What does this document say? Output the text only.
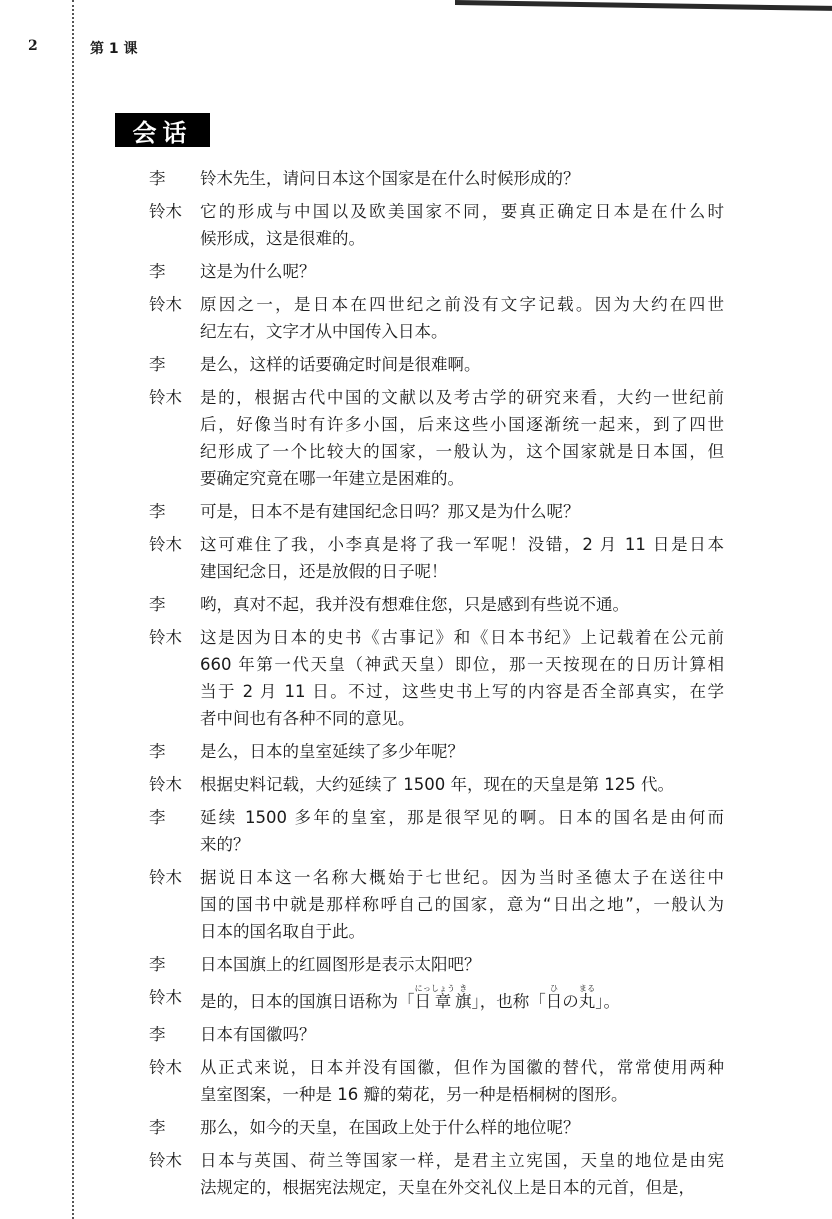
2	第 1 课
会话
李	铃木先生，请问日本这个国家是在什么时候形成的？
铃木	它的形成与中国以及欧美国家不同，要真正确定日本是在什么时
候形成，这是很难的。
李	这是为什么呢？
铃木	原因之一，是日本在四世纪之前没有文字记载。因为大约在四世
纪左右，文字才从中国传入日本。
李	是么，这样的话要确定时间是很难啊。
铃木	是的，根据古代中国的文献以及考古学的研究来看，大约一世纪前
后，好像当时有许多小国，后来这些小国逐渐统一起来，到了四世
纪形成了一个比较大的国家，一般认为，这个国家就是日本国，但
要确定究竟在哪一年建立是困难的。
李	可是，日本不是有建国纪念日吗？那又是为什么呢？
铃木	这可难住了我，小李真是将了我一军呢！没错，2 月 11 日是日本
建国纪念日，还是放假的日子呢！
李	哟，真对不起，我并没有想难住您，只是感到有些说不通。
铃木	这是因为日本的史书《古事记》和《日本书纪》上记载着在公元前
660 年第一代天皇（神武天皇）即位，那一天按现在的日历计算相
当于 2 月 11 日。不过，这些史书上写的内容是否全部真实，在学
者中间也有各种不同的意见。
李	是么，日本的皇室延续了多少年呢？
铃木	根据史料记载，大约延续了 1500 年，现在的天皇是第 125 代。
李	延续 1500 多年的皇室，那是很罕见的啊。日本的国名是由何而
来的？
铃木	据说日本这一名称大概始于七世纪。因为当时圣德太子在送往中
国的国书中就是那样称呼自己的国家，意为“日出之地”，一般认为
日本的国名取自于此。
李	日本国旗上的红圆图形是表示太阳吧？
铃木	是的，日本的国旗日语称为「日にっ章しょう旗き」，也称「日ひの丸まる」。
李	日本有国徽吗？
铃木	从正式来说，日本并没有国徽，但作为国徽的替代，常常使用两种
皇室图案，一种是 16 瓣的菊花，另一种是梧桐树的图形。
李	那么，如今的天皇，在国政上处于什么样的地位呢？
铃木	日本与英国、荷兰等国家一样，是君主立宪国，天皇的地位是由宪
法规定的，根据宪法规定，天皇在外交礼仪上是日本的元首，但是，
